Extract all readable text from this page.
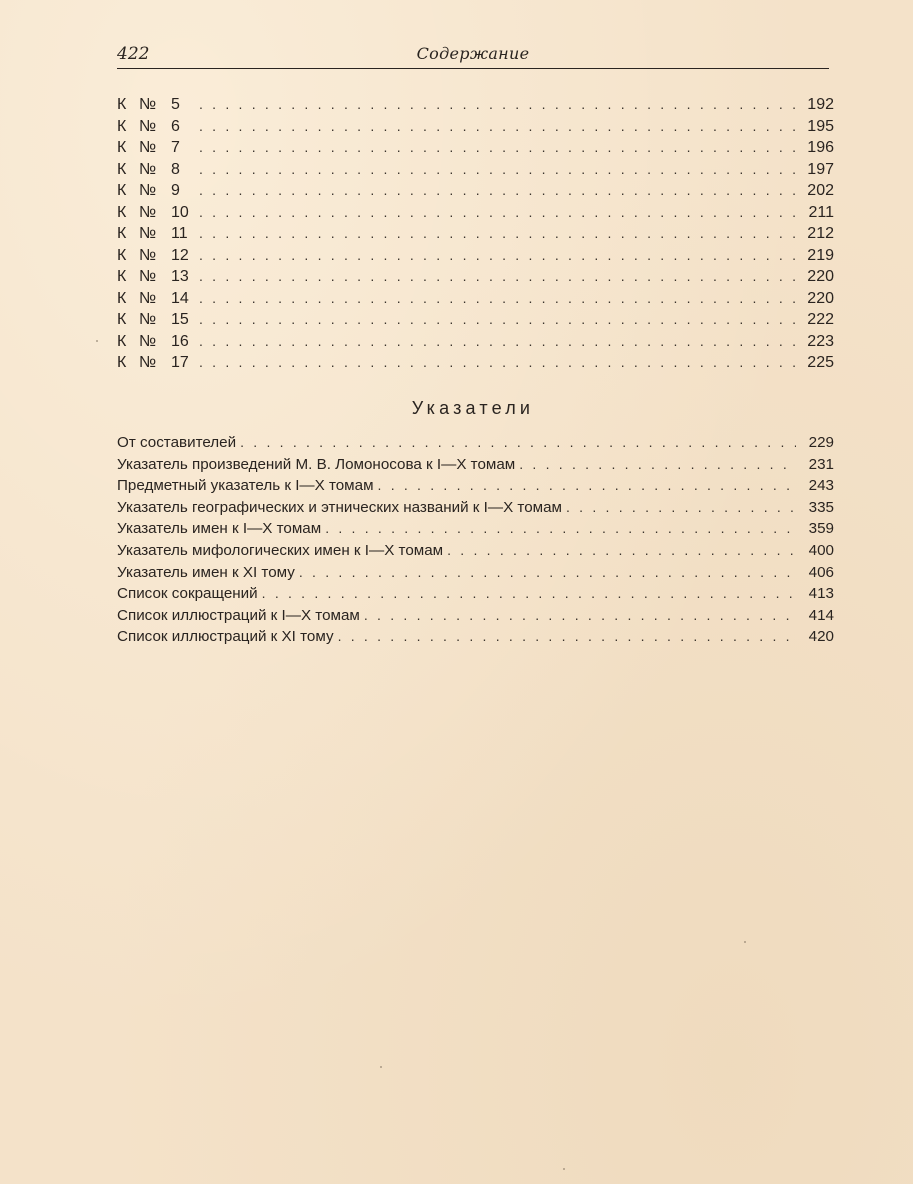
422	Содержание
К № 5 . . .	192
К № 6 . . .	195
К № 7 . . .	196
К № 8 . . .	197
К № 9 . . .	202
К № 10 . . .	211
К № 11 . . .	212
К № 12 . . .	219
К № 13 . . .	220
К № 14 . . .	220
К № 15 . . .	222
К № 16 . . .	223
К № 17 . . .	225
Указатели
От составителей . . .	229
Указатель произведений М. В. Ломоносова к I—X томам . . .	231
Предметный указатель к I—X томам . . .	243
Указатель географических и этнических названий к I—X томам . . .	335
Указатель имен к I—X томам . . .	359
Указатель мифологических имен к I—X томам . . .	400
Указатель имен к XI тому . . .	406
Список сокращений . . .	413
Список иллюстраций к I—X томам . . .	414
Список иллюстраций к XI тому . . .	420
